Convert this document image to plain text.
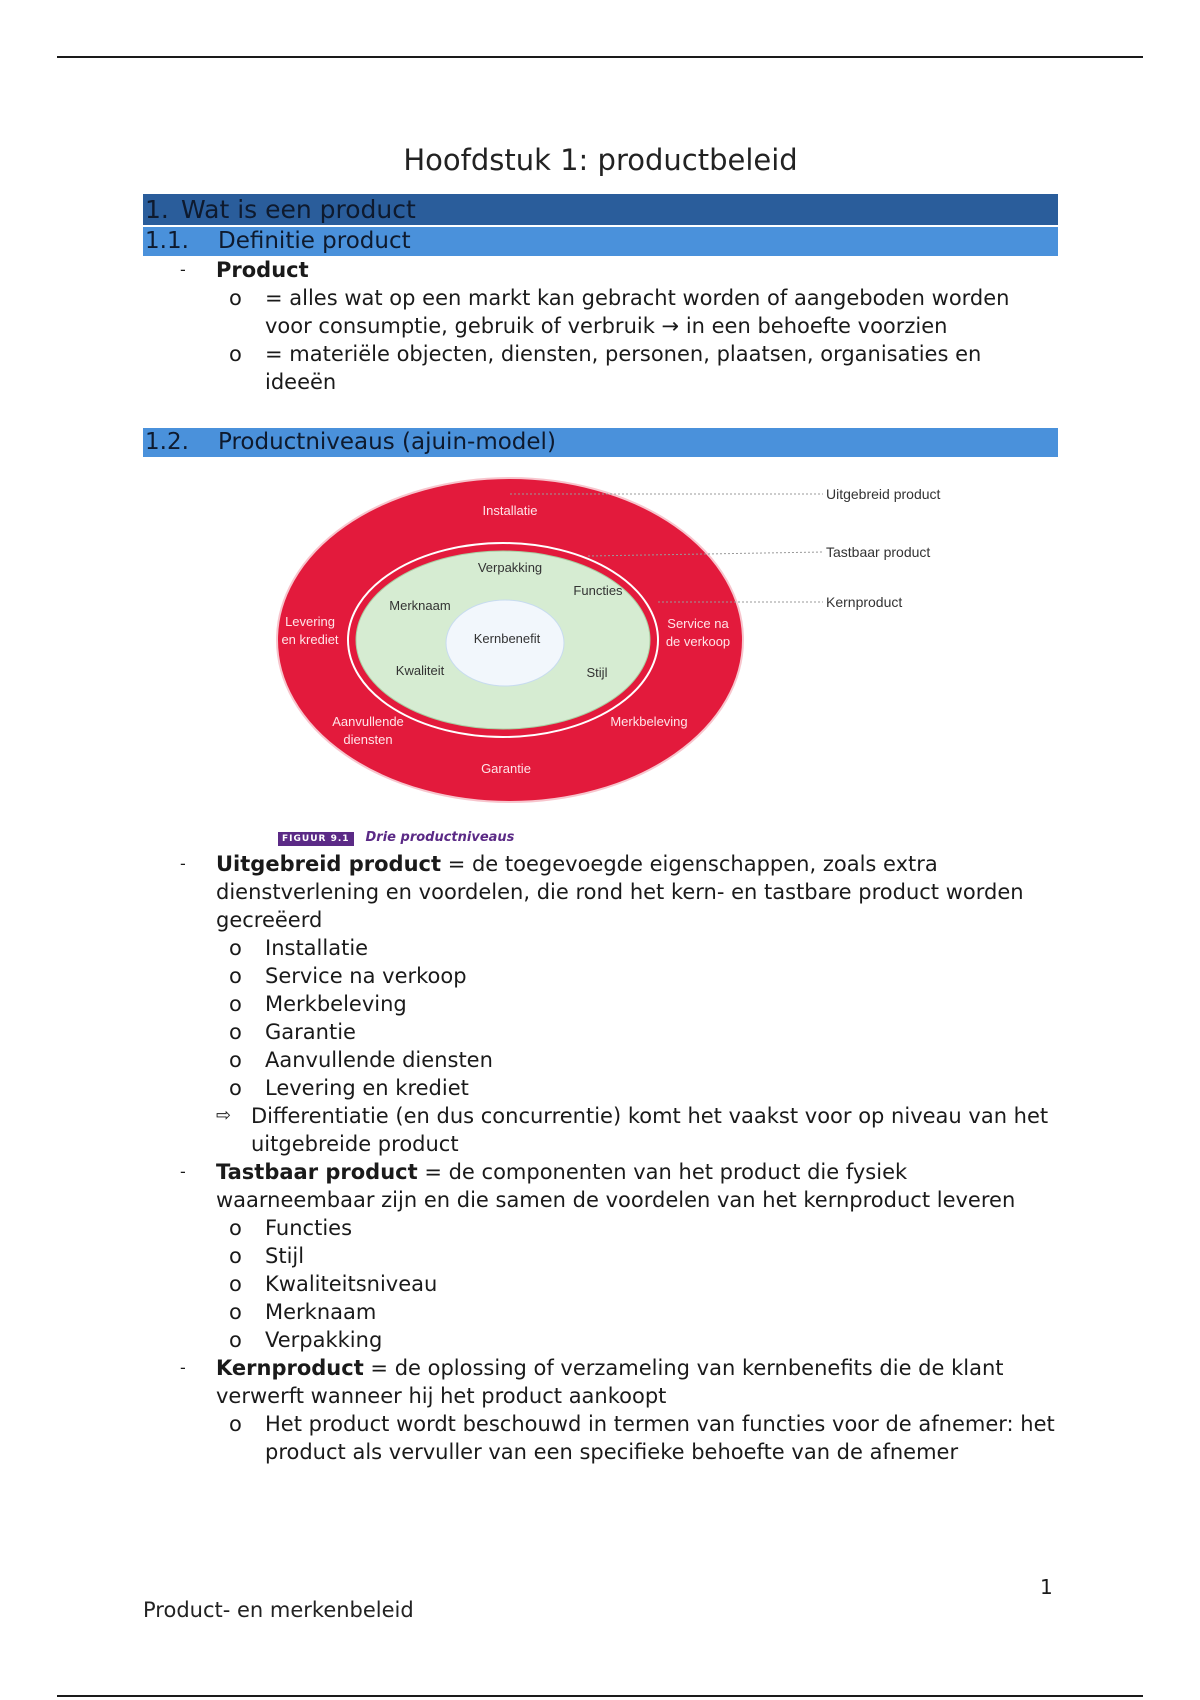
Hoofdstuk 1: productbeleid
1. Wat is een product
1.1. Definitie product
- Product
o = alles wat op een markt kan gebracht worden of aangeboden worden voor consumptie, gebruik of verbruik → in een behoefte voorzien
o = materiële objecten, diensten, personen, plaatsen, organisaties en ideeën
1.2. Productniveaus (ajuin-model)
Installatie
Levering
en krediet
Service na
de verkoop
Aanvullende
diensten
Merkbeleving
Garantie
Verpakking
Merknaam
Functies
Kwaliteit	Stijl
Kernbenefit
Uitgebreid product
Tastbaar product
Kernproduct
FIGUUR 9.1 Drie productniveaus
- Uitgebreid product = de toegevoegde eigenschappen, zoals extra dienstverlening en voordelen, die rond het kern- en tastbare product worden gecreëerd
o Installatie
o Service na verkoop
o Merkbeleving
o Garantie
o Aanvullende diensten
o Levering en krediet
⇨ Differentiatie (en dus concurrentie) komt het vaakst voor op niveau van het uitgebreide product
- Tastbaar product = de componenten van het product die fysiek waarneembaar zijn en die samen de voordelen van het kernproduct leveren
o Functies
o Stijl
o Kwaliteitsniveau
o Merknaam
o Verpakking
- Kernproduct = de oplossing of verzameling van kernbenefits die de klant verwerft wanneer hij het product aankoopt
o Het product wordt beschouwd in termen van functies voor de afnemer: het product als vervuller van een specifieke behoefte van de afnemer
1
Product- en merkenbeleid
